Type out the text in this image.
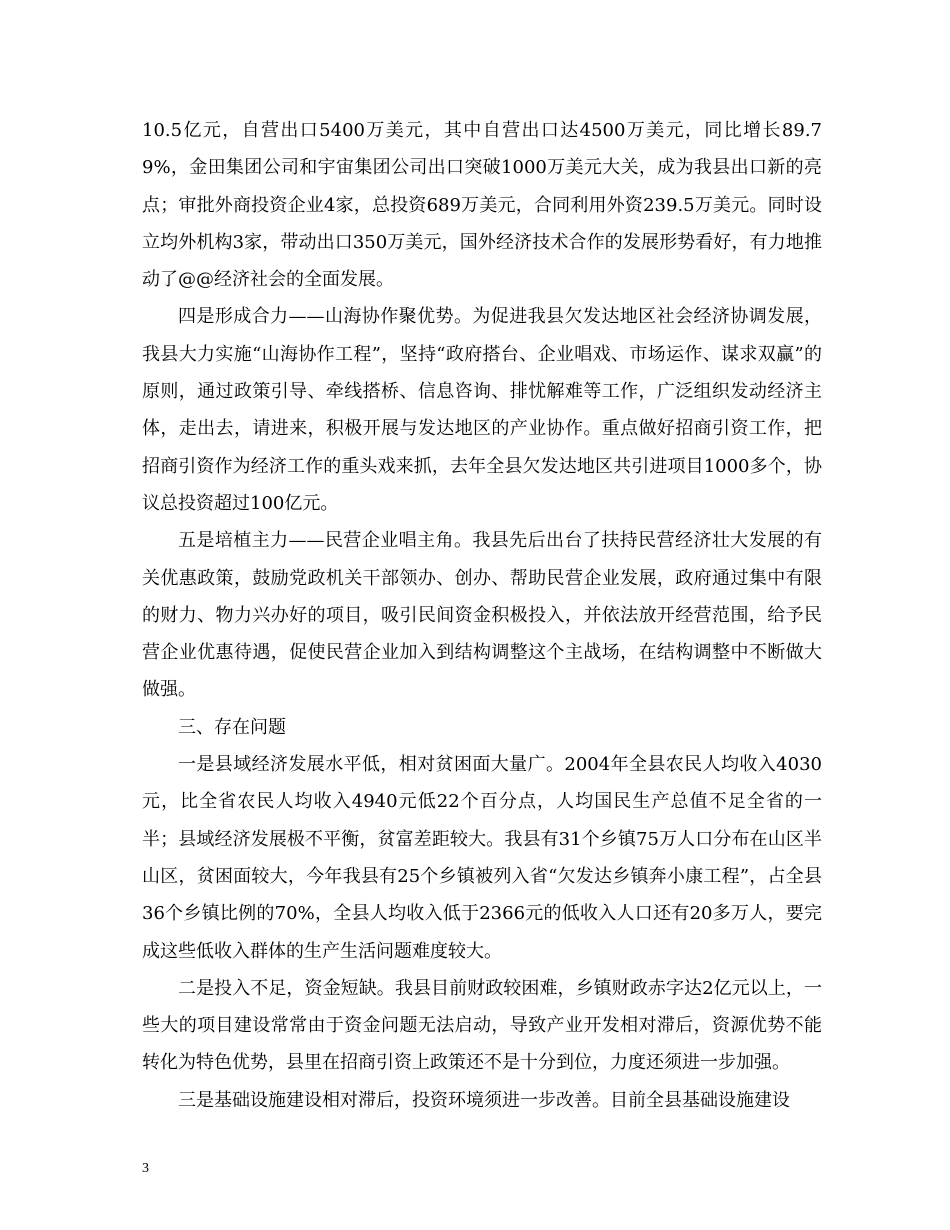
10.5亿元，自营出口5400万美元，其中自营出口达4500万美元，同比增长89.79%，金田集团公司和宇宙集团公司出口突破1000万美元大关，成为我县出口新的亮点；审批外商投资企业4家，总投资689万美元，合同利用外资239.5万美元。同时设立均外机构3家，带动出口350万美元，国外经济技术合作的发展形势看好，有力地推动了@@经济社会的全面发展。

四是形成合力——山海协作聚优势。为促进我县欠发达地区社会经济协调发展，我县大力实施“山海协作工程”，坚持“政府搭台、企业唱戏、市场运作、谋求双赢”的原则，通过政策引导、牵线搭桥、信息咨询、排忧解难等工作，广泛组织发动经济主体，走出去，请进来，积极开展与发达地区的产业协作。重点做好招商引资工作，把招商引资作为经济工作的重头戏来抓，去年全县欠发达地区共引进项目1000多个，协议总投资超过100亿元。

五是培植主力——民营企业唱主角。我县先后出台了扶持民营经济壮大发展的有关优惠政策，鼓励党政机关干部领办、创办、帮助民营企业发展，政府通过集中有限的财力、物力兴办好的项目，吸引民间资金积极投入，并依法放开经营范围，给予民营企业优惠待遇，促使民营企业加入到结构调整这个主战场，在结构调整中不断做大做强。

三、存在问题

一是县域经济发展水平低，相对贫困面大量广。2004年全县农民人均收入4030元，比全省农民人均收入4940元低22个百分点，人均国民生产总值不足全省的一半；县域经济发展极不平衡，贫富差距较大。我县有31个乡镇75万人口分布在山区半山区，贫困面较大，今年我县有25个乡镇被列入省“欠发达乡镇奔小康工程”，占全县36个乡镇比例的70%，全县人均收入低于2366元的低收入人口还有20多万人，要完成这些低收入群体的生产生活问题难度较大。

二是投入不足，资金短缺。我县目前财政较困难，乡镇财政赤字达2亿元以上，一些大的项目建设常常由于资金问题无法启动，导致产业开发相对滞后，资源优势不能转化为特色优势，县里在招商引资上政策还不是十分到位，力度还须进一步加强。

三是基础设施建设相对滞后，投资环境须进一步改善。目前全县基础设施建设

3
